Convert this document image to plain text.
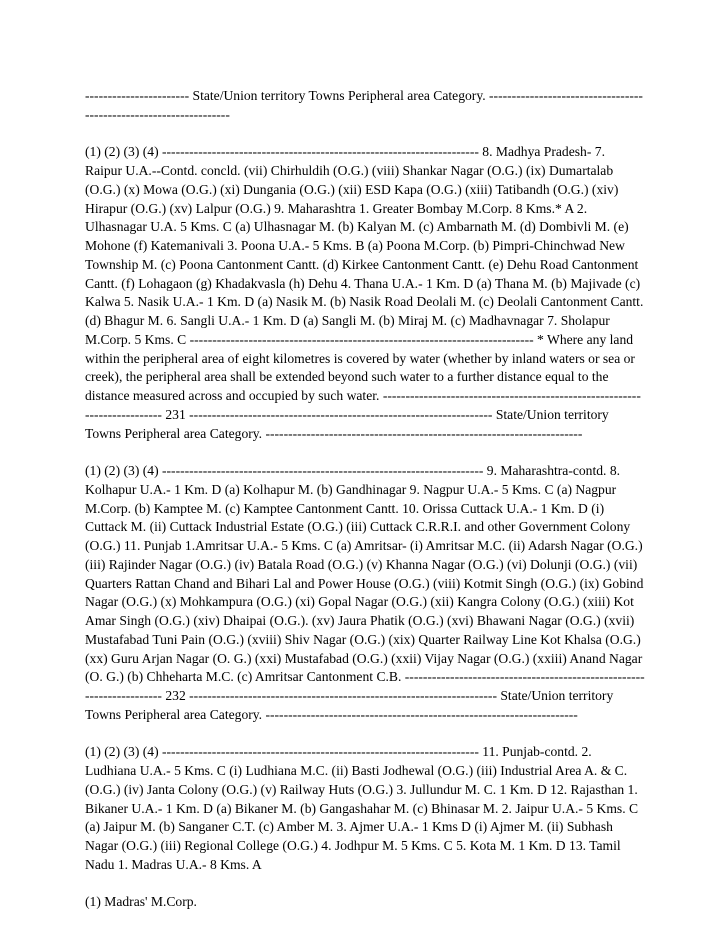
----------------------- State/Union territory Towns Peripheral area Category. ------------------------------------------------------------------

(1) (2) (3) (4) ---------------------------------------------------------------------- 8. Madhya Pradesh- 7. Raipur U.A.--Contd. concld. (vii) Chirhuldih (O.G.) (viii) Shankar Nagar (O.G.) (ix) Dumartalab (O.G.) (x) Mowa (O.G.) (xi) Dungania (O.G.) (xii) ESD Kapa (O.G.) (xiii) Tatibandh (O.G.) (xiv) Hirapur (O.G.) (xv) Lalpur (O.G.) 9. Maharashtra 1. Greater Bombay M.Corp. 8 Kms.* A 2. Ulhasnagar U.A. 5 Kms. C (a) Ulhasnagar M. (b) Kalyan M. (c) Ambarnath M. (d) Dombivli M. (e) Mohone (f) Katemanivali 3. Poona U.A.- 5 Kms. B (a) Poona M.Corp. (b) Pimpri-Chinchwad New Township M. (c) Poona Cantonment Cantt. (d) Kirkee Cantonment Cantt. (e) Dehu Road Cantonment Cantt. (f) Lohagaon (g) Khadakvasla (h) Dehu 4. Thana U.A.- 1 Km. D (a) Thana M. (b) Majivade (c) Kalwa 5. Nasik U.A.- 1 Km. D (a) Nasik M. (b) Nasik Road Deolali M. (c) Deolali Cantonment Cantt. (d) Bhagur M. 6. Sangli U.A.- 1 Km. D (a) Sangli M. (b) Miraj M. (c) Madhavnagar 7. Sholapur M.Corp. 5 Kms. C ---------------------------------------------------------------------------- * Where any land within the peripheral area of eight kilometres is covered by water (whether by inland waters or sea or creek), the peripheral area shall be extended beyond such water to a further distance equal to the distance measured across and occupied by such water. -------------------------------------------------------------------------- 231 ------------------------------------------------------------------- State/Union territory Towns Peripheral area Category. ----------------------------------------------------------------------

(1) (2) (3) (4) ----------------------------------------------------------------------- 9. Maharashtra-contd. 8. Kolhapur U.A.- 1 Km. D (a) Kolhapur M. (b) Gandhinagar 9. Nagpur U.A.- 5 Kms. C (a) Nagpur M.Corp. (b) Kamptee M. (c) Kamptee Cantonment Cantt. 10. Orissa Cuttack U.A.- 1 Km. D (i) Cuttack M. (ii) Cuttack Industrial Estate (O.G.) (iii) Cuttack C.R.R.I. and other Government Colony (O.G.) 11. Punjab 1.Amritsar U.A.- 5 Kms. C (a) Amritsar- (i) Amritsar M.C. (ii) Adarsh Nagar (O.G.) (iii) Rajinder Nagar (O.G.) (iv) Batala Road (O.G.) (v) Khanna Nagar (O.G.) (vi) Dolunji (O.G.) (vii) Quarters Rattan Chand and Bihari Lal and Power House (O.G.) (viii) Kotmit Singh (O.G.) (ix) Gobind Nagar (O.G.) (x) Mohkampura (O.G.) (xi) Gopal Nagar (O.G.) (xii) Kangra Colony (O.G.) (xiii) Kot Amar Singh (O.G.) (xiv) Dhaipai (O.G.). (xv) Jaura Phatik (O.G.) (xvi) Bhawani Nagar (O.G.) (xvii) Mustafabad Tuni Pain (O.G.) (xviii) Shiv Nagar (O.G.) (xix) Quarter Railway Line Kot Khalsa (O.G.) (xx) Guru Arjan Nagar (O. G.) (xxi) Mustafabad (O.G.) (xxii) Vijay Nagar (O.G.) (xxiii) Anand Nagar (O. G.) (b) Chheharta M.C. (c) Amritsar Cantonment C.B. ---------------------------------------------------------------------- 232 -------------------------------------------------------------------- State/Union territory Towns Peripheral area Category. ---------------------------------------------------------------------

(1) (2) (3) (4) ---------------------------------------------------------------------- 11. Punjab-contd. 2. Ludhiana U.A.- 5 Kms. C (i) Ludhiana M.C. (ii) Basti Jodhewal (O.G.) (iii) Industrial Area A. & C.(O.G.) (iv) Janta Colony (O.G.) (v) Railway Huts (O.G.) 3. Jullundur M. C. 1 Km. D 12. Rajasthan 1. Bikaner U.A.- 1 Km. D (a) Bikaner M. (b) Gangashahar M. (c) Bhinasar M. 2. Jaipur U.A.- 5 Kms. C (a) Jaipur M. (b) Sanganer C.T. (c) Amber M. 3. Ajmer U.A.- 1 Kms D (i) Ajmer M. (ii) Subhash Nagar (O.G.) (iii) Regional College (O.G.) 4. Jodhpur M. 5 Kms. C 5. Kota M. 1 Km. D 13. Tamil Nadu 1. Madras U.A.- 8 Kms. A

(1) Madras' M.Corp.
